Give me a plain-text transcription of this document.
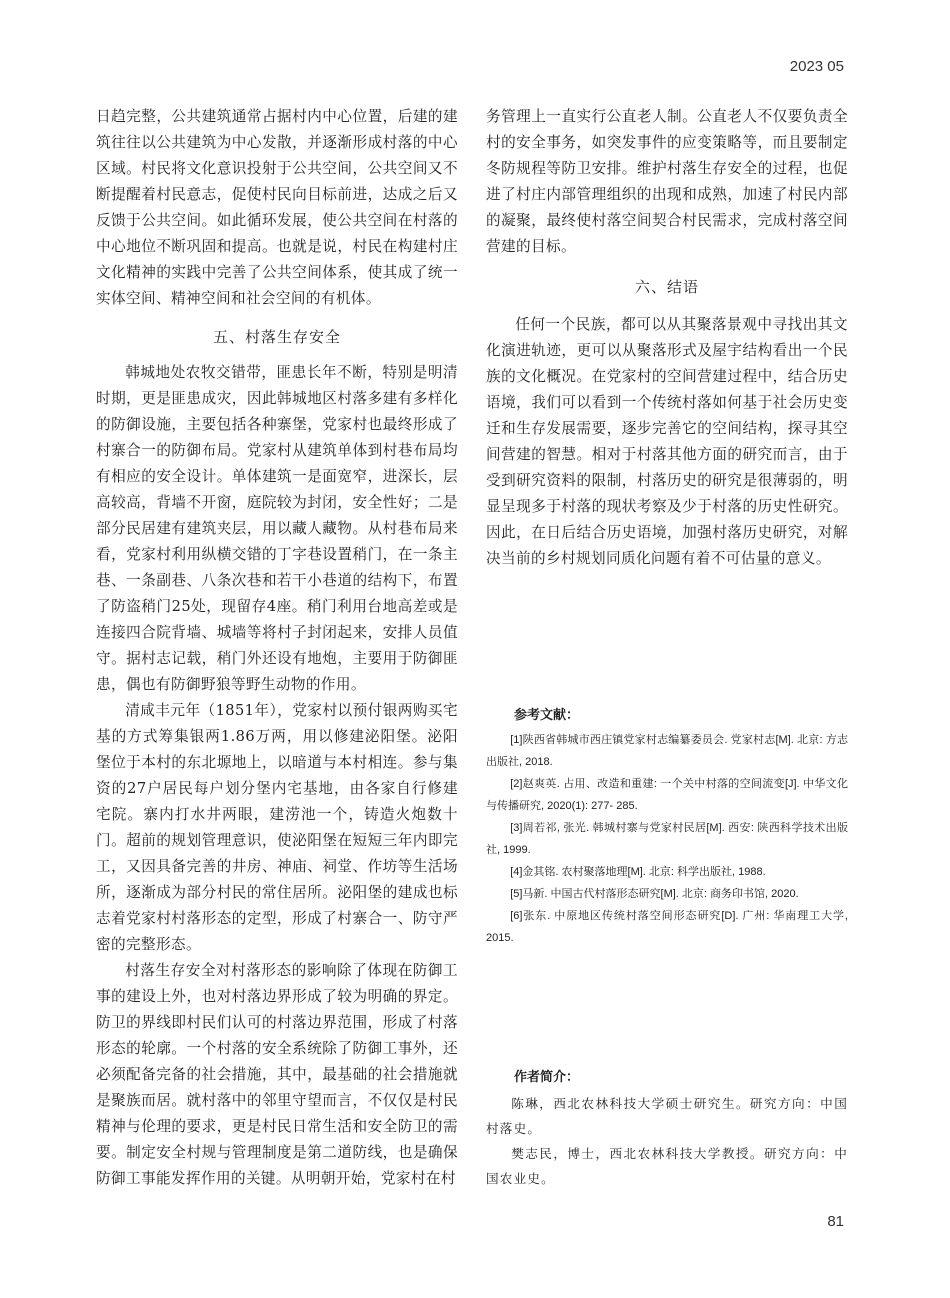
2023 05

日趋完整，公共建筑通常占据村内中心位置，后建的建筑往往以公共建筑为中心发散，并逐渐形成村落的中心区域。村民将文化意识投射于公共空间，公共空间又不断提醒着村民意志，促使村民向目标前进，达成之后又反馈于公共空间。如此循环发展，使公共空间在村落的中心地位不断巩固和提高。也就是说，村民在构建村庄文化精神的实践中完善了公共空间体系，使其成了统一实体空间、精神空间和社会空间的有机体。

五、村落生存安全

韩城地处农牧交错带，匪患长年不断，特别是明清时期，更是匪患成灾，因此韩城地区村落多建有多样化的防御设施，主要包括各种寨堡，党家村也最终形成了村寨合一的防御布局。党家村从建筑单体到村巷布局均有相应的安全设计。单体建筑一是面宽窄，进深长，层高较高，背墙不开窗，庭院较为封闭，安全性好；二是部分民居建有建筑夹层，用以藏人藏物。从村巷布局来看，党家村利用纵横交错的丁字巷设置稍门，在一条主巷、一条副巷、八条次巷和若干小巷道的结构下，布置了防盗稍门25处，现留存4座。稍门利用台地高差或是连接四合院背墙、城墙等将村子封闭起来，安排人员值守。据村志记载，稍门外还设有地炮，主要用于防御匪患，偶也有防御野狼等野生动物的作用。

清咸丰元年（1851年），党家村以预付银两购买宅基的方式筹集银两1.86万两，用以修建泌阳堡。泌阳堡位于本村的东北塬地上，以暗道与本村相连。参与集资的27户居民每户划分堡内宅基地，由各家自行修建宅院。寨内打水井两眼，建涝池一个，铸造火炮数十门。超前的规划管理意识，使泌阳堡在短短三年内即完工，又因具备完善的井房、神庙、祠堂、作坊等生活场所，逐渐成为部分村民的常住居所。泌阳堡的建成也标志着党家村村落形态的定型，形成了村寨合一、防守严密的完整形态。

村落生存安全对村落形态的影响除了体现在防御工事的建设上外，也对村落边界形成了较为明确的界定。防卫的界线即村民们认可的村落边界范围，形成了村落形态的轮廓。一个村落的安全系统除了防御工事外，还必须配备完备的社会措施，其中，最基础的社会措施就是聚族而居。就村落中的邻里守望而言，不仅仅是村民精神与伦理的要求，更是村民日常生活和安全防卫的需要。制定安全村规与管理制度是第二道防线，也是确保防御工事能发挥作用的关键。从明朝开始，党家村在村

务管理上一直实行公直老人制。公直老人不仅要负责全村的安全事务，如突发事件的应变策略等，而且要制定冬防规程等防卫安排。维护村落生存安全的过程，也促进了村庄内部管理组织的出现和成熟，加速了村民内部的凝聚，最终使村落空间契合村民需求，完成村落空间营建的目标。

六、结语

任何一个民族，都可以从其聚落景观中寻找出其文化演进轨迹，更可以从聚落形式及屋宇结构看出一个民族的文化概况。在党家村的空间营建过程中，结合历史语境，我们可以看到一个传统村落如何基于社会历史变迁和生存发展需要，逐步完善它的空间结构，探寻其空间营建的智慧。相对于村落其他方面的研究而言，由于受到研究资料的限制，村落历史的研究是很薄弱的，明显呈现多于村落的现状考察及少于村落的历史性研究。因此，在日后结合历史语境，加强村落历史研究，对解决当前的乡村规划同质化问题有着不可估量的意义。

参考文献：
[1]陕西省韩城市西庄镇党家村志编纂委员会. 党家村志[M]. 北京: 方志出版社, 2018.
[2]赵爽英. 占用、改造和重建: 一个关中村落的空间流变[J]. 中华文化与传播研究, 2020(1): 277- 285.
[3]周若祁, 张光. 韩城村寨与党家村民居[M]. 西安: 陕西科学技术出版社, 1999.
[4]金其铭. 农村聚落地理[M]. 北京: 科学出版社, 1988.
[5]马新. 中国古代村落形态研究[M]. 北京: 商务印书馆, 2020.
[6]张东. 中原地区传统村落空间形态研究[D]. 广州: 华南理工大学, 2015.
作者简介：

陈琳，西北农林科技大学硕士研究生。研究方向：中国村落史。

樊志民，博士，西北农林科技大学教授。研究方向：中国农业史。

81
